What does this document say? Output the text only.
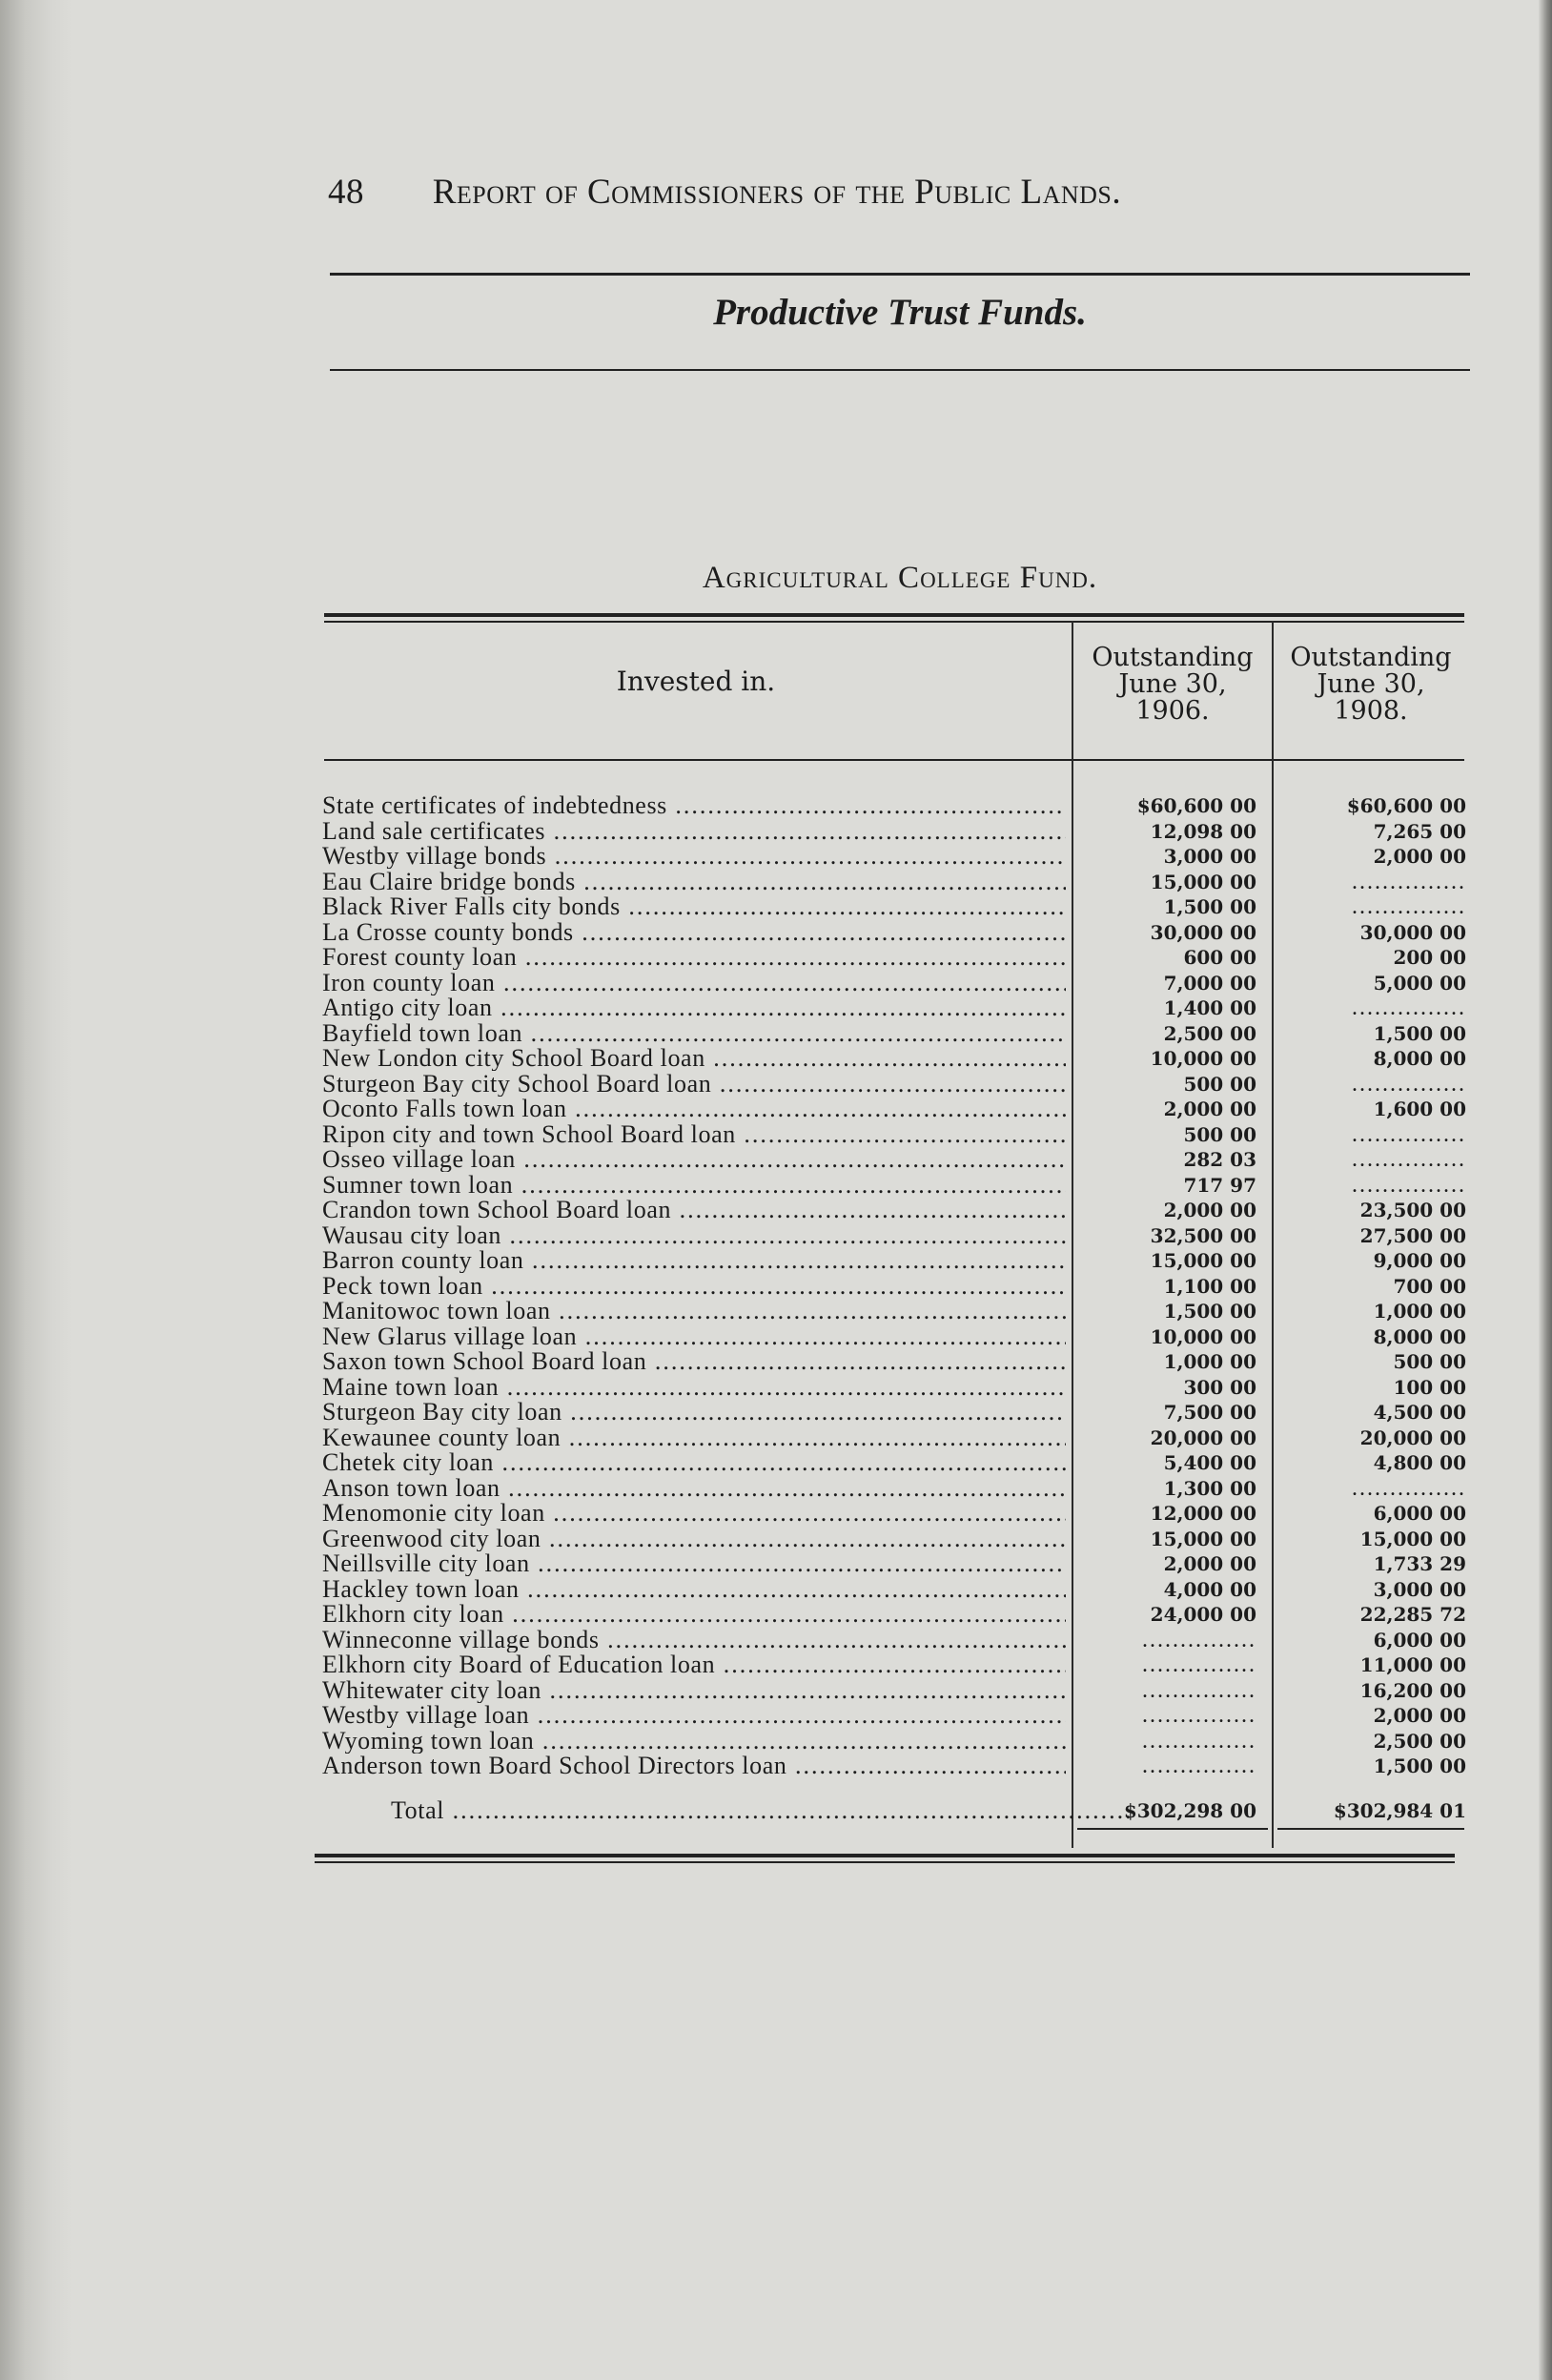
48 Report of Commissioners of the Public Lands.
Productive Trust Funds.
Agricultural College Fund.
Invested in.
Outstanding
June 30,
1906.
Outstanding
June 30,
1908.
State certificates of indebtedness .....	$60,600 00	$60,600 00
Land sale certificates .....	12,098 00	7,265 00
Westby village bonds .....	3,000 00	2,000 00
Eau Claire bridge bonds .....	15,000 00	...............
Black River Falls city bonds .....	1,500 00	...............
La Crosse county bonds .....	30,000 00	30,000 00
Forest county loan .....	600 00	200 00
Iron county loan .....	7,000 00	5,000 00
Antigo city loan .....	1,400 00	...............
Bayfield town loan .....	2,500 00	1,500 00
New London city School Board loan .....	10,000 00	8,000 00
Sturgeon Bay city School Board loan .....	500 00	...............
Oconto Falls town loan .....	2,000 00	1,600 00
Ripon city and town School Board loan .....	500 00	...............
Osseo village loan .....	282 03	...............
Sumner town loan .....	717 97	...............
Crandon town School Board loan .....	2,000 00	23,500 00
Wausau city loan .....	32,500 00	27,500 00
Barron county loan .....	15,000 00	9,000 00
Peck town loan .....	1,100 00	700 00
Manitowoc town loan .....	1,500 00	1,000 00
New Glarus village loan .....	10,000 00	8,000 00
Saxon town School Board loan .....	1,000 00	500 00
Maine town loan .....	300 00	100 00
Sturgeon Bay city loan .....	7,500 00	4,500 00
Kewaunee county loan .....	20,000 00	20,000 00
Chetek city loan .....	5,400 00	4,800 00
Anson town loan .....	1,300 00	...............
Menomonie city loan .....	12,000 00	6,000 00
Greenwood city loan .....	15,000 00	15,000 00
Neillsville city loan .....	2,000 00	1,733 29
Hackley town loan .....	4,000 00	3,000 00
Elkhorn city loan .....	24,000 00	22,285 72
Winneconne village bonds .....	...............	6,000 00
Elkhorn city Board of Education loan .....	...............	11,000 00
Whitewater city loan .....	...............	16,200 00
Westby village loan .....	...............	2,000 00
Wyoming town loan .....	...............	2,500 00
Anderson town Board School Directors loan .....	...............	1,500 00
Total .....	$302,298 00	$302,984 01
